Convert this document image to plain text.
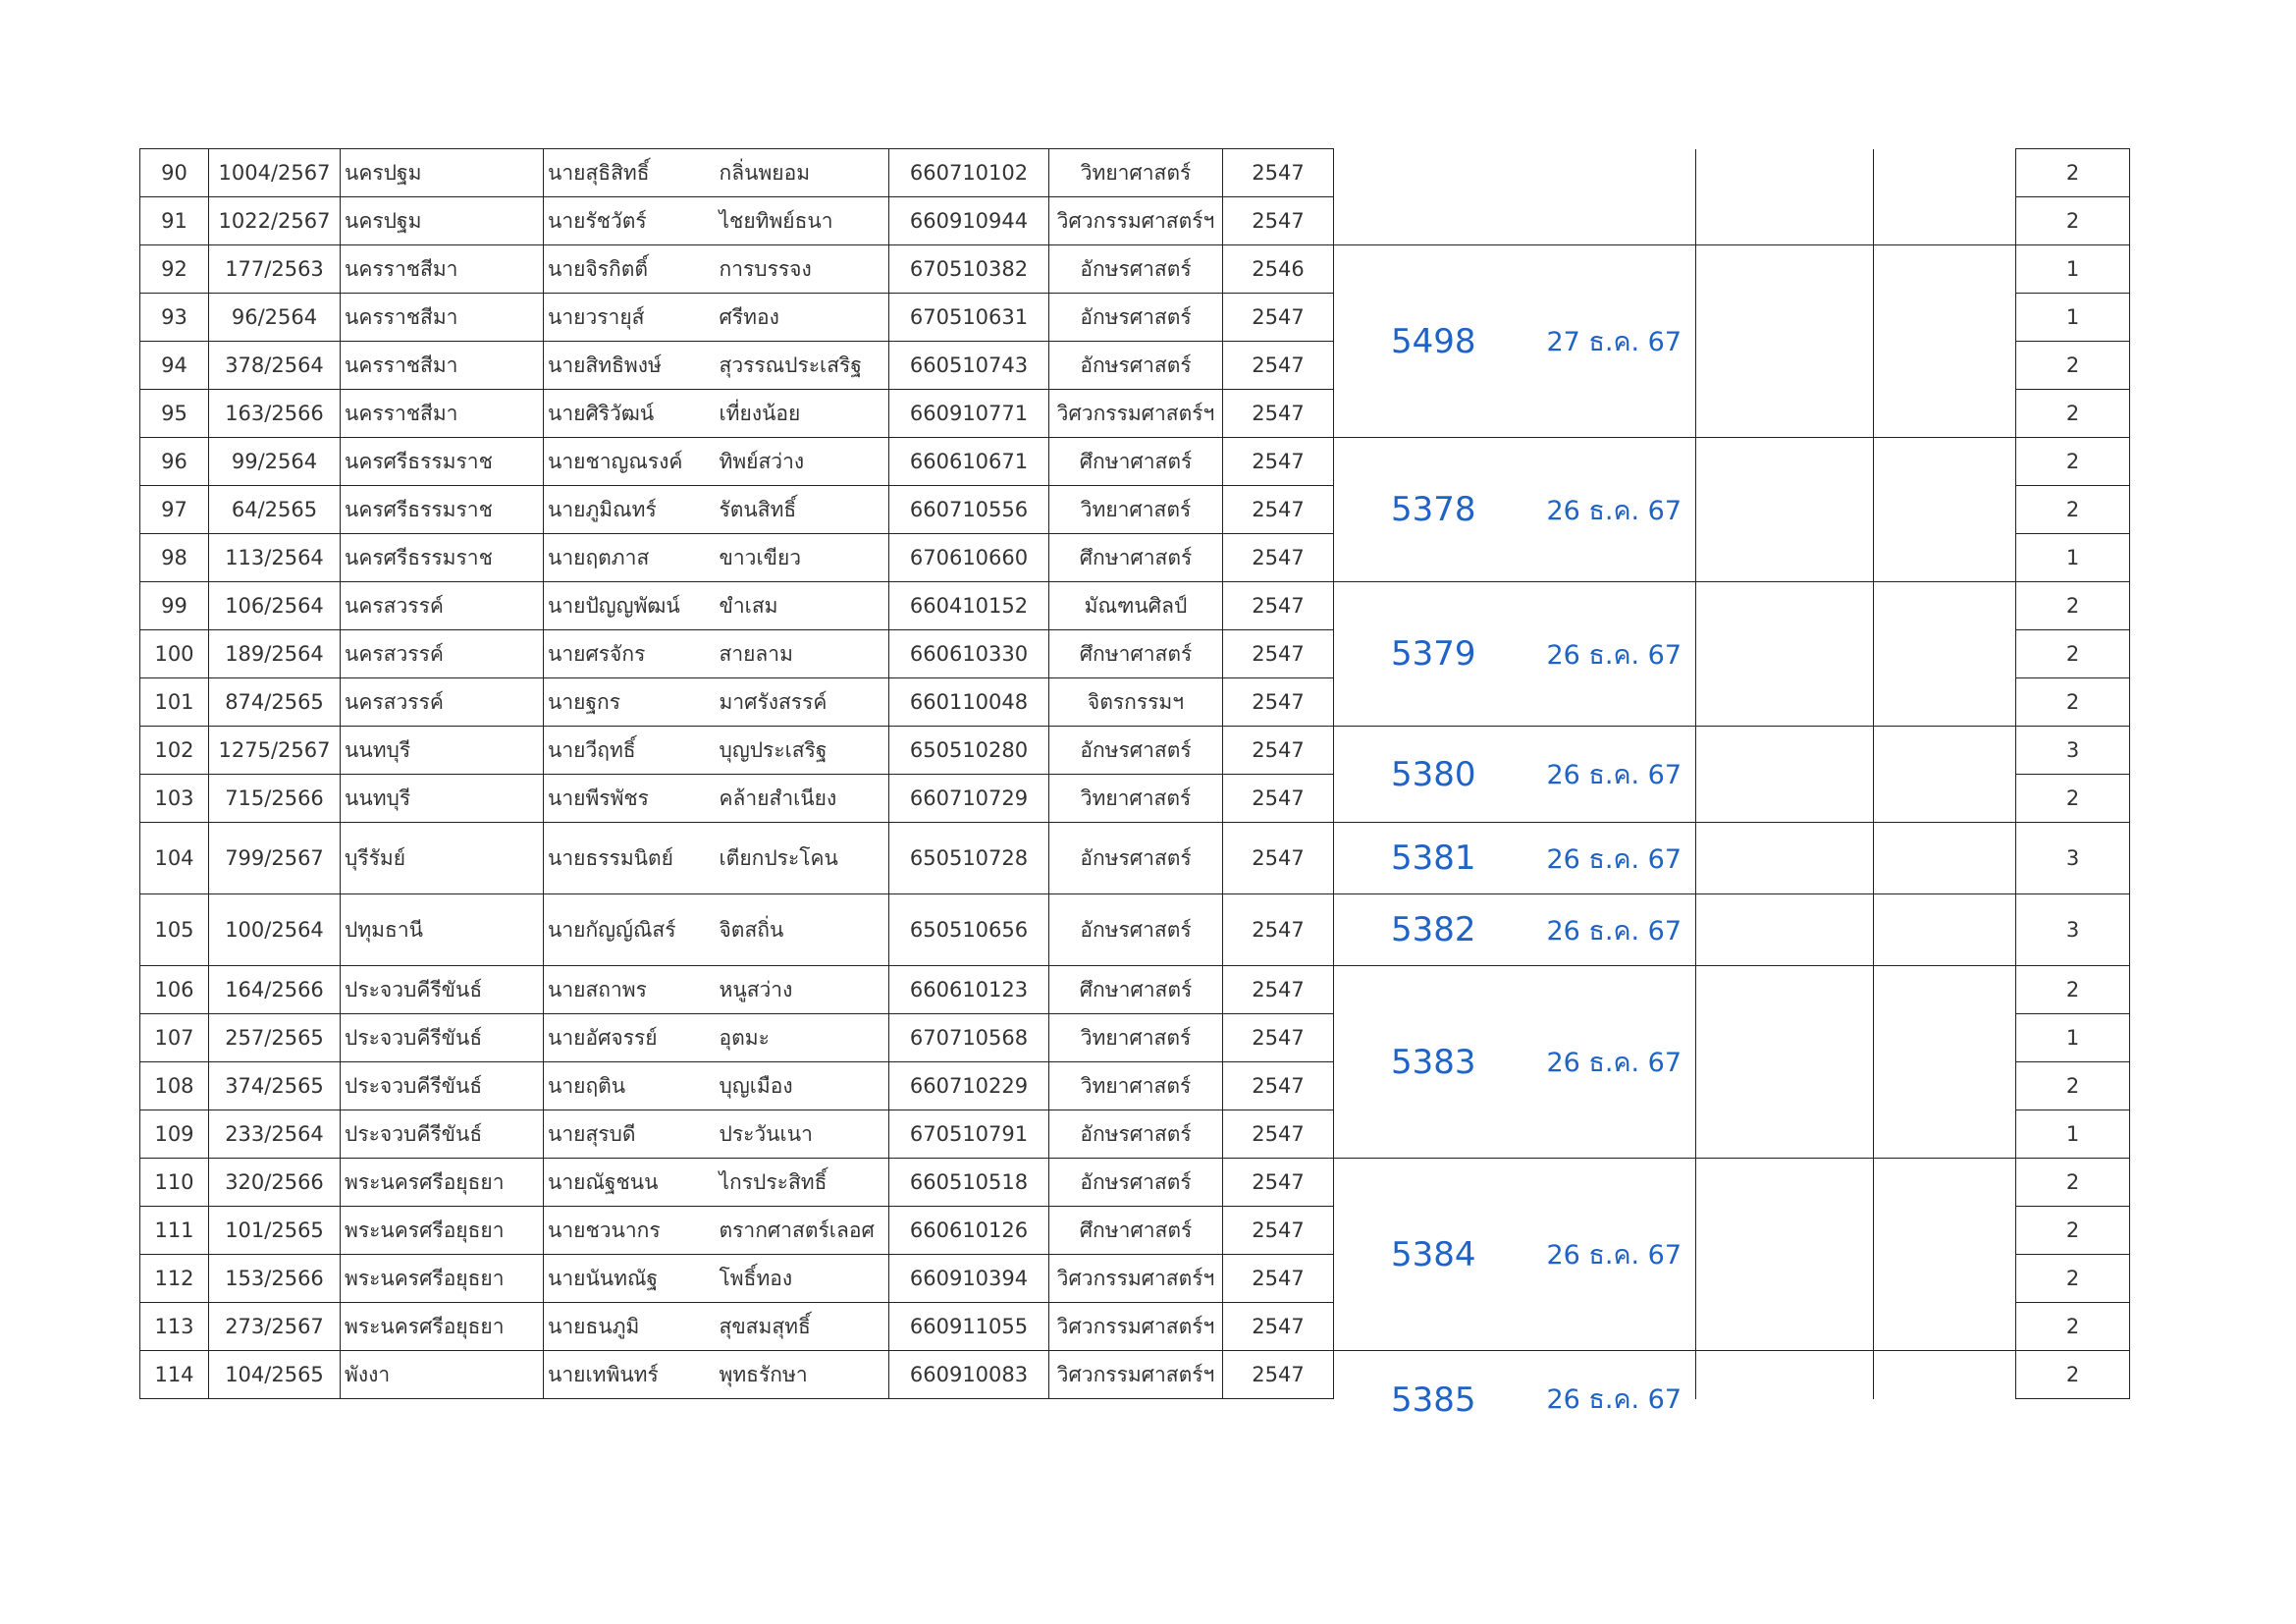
90	1004/2567	นครปฐม	นายสุธิสิทธิ์	กลิ่นพยอม	660710102	วิทยาศาสตร์	2547					2
91	1022/2567	นครปฐม	นายรัชวัตร์	ไชยทิพย์ธนา	660910944	วิศวกรรมศาสตร์ฯ	2547					2
92	177/2563	นครราชสีมา	นายจิรกิตติ์	การบรรจง	670510382	อักษรศาสตร์	2546	5498	27 ธ.ค. 67			1
93	96/2564	นครราชสีมา	นายวรายุส์	ศรีทอง	670510631	อักษรศาสตร์	2547					1
94	378/2564	นครราชสีมา	นายสิทธิพงษ์	สุวรรณประเสริฐ	660510743	อักษรศาสตร์	2547					2
95	163/2566	นครราชสีมา	นายศิริวัฒน์	เที่ยงน้อย	660910771	วิศวกรรมศาสตร์ฯ	2547					2
96	99/2564	นครศรีธรรมราช	นายชาญณรงค์	ทิพย์สว่าง	660610671	ศึกษาศาสตร์	2547	5378	26 ธ.ค. 67			2
97	64/2565	นครศรีธรรมราช	นายภูมิณทร์	รัตนสิทธิ์	660710556	วิทยาศาสตร์	2547					2
98	113/2564	นครศรีธรรมราช	นายฤตภาส	ขาวเขียว	670610660	ศึกษาศาสตร์	2547					1
99	106/2564	นครสวรรค์	นายปัญญพัฒน์	ขำเสม	660410152	มัณฑนศิลป์	2547	5379	26 ธ.ค. 67			2
100	189/2564	นครสวรรค์	นายศรจักร	สายลาม	660610330	ศึกษาศาสตร์	2547					2
101	874/2565	นครสวรรค์	นายฐกร	มาศรังสรรค์	660110048	จิตรกรรมฯ	2547					2
102	1275/2567	นนทบุรี	นายวีฤทธิ์	บุญประเสริฐ	650510280	อักษรศาสตร์	2547	5380	26 ธ.ค. 67			3
103	715/2566	นนทบุรี	นายพีรพัชร	คล้ายสำเนียง	660710729	วิทยาศาสตร์	2547					2
104	799/2567	บุรีรัมย์	นายธรรมนิตย์	เตียกประโคน	650510728	อักษรศาสตร์	2547	5381	26 ธ.ค. 67			3
105	100/2564	ปทุมธานี	นายกัญญ์ณิสร์	จิตสถิ่น	650510656	อักษรศาสตร์	2547	5382	26 ธ.ค. 67			3
106	164/2566	ประจวบคีรีขันธ์	นายสถาพร	หนูสว่าง	660610123	ศึกษาศาสตร์	2547	5383	26 ธ.ค. 67			2
107	257/2565	ประจวบคีรีขันธ์	นายอัศจรรย์	อุตมะ	670710568	วิทยาศาสตร์	2547					1
108	374/2565	ประจวบคีรีขันธ์	นายฤติน	บุญเมือง	660710229	วิทยาศาสตร์	2547					2
109	233/2564	ประจวบคีรีขันธ์	นายสุรบดี	ประวันเนา	670510791	อักษรศาสตร์	2547					1
110	320/2566	พระนครศรีอยุธยา	นายณัฐชนน	ไกรประสิทธิ์	660510518	อักษรศาสตร์	2547	5384	26 ธ.ค. 67			2
111	101/2565	พระนครศรีอยุธยา	นายชวนากร	ตรากศาสตร์เลอศ	660610126	ศึกษาศาสตร์	2547					2
112	153/2566	พระนครศรีอยุธยา	นายนันทณัฐ	โพธิ์ทอง	660910394	วิศวกรรมศาสตร์ฯ	2547					2
113	273/2567	พระนครศรีอยุธยา	นายธนภูมิ	สุขสมสุทธิ์	660911055	วิศวกรรมศาสตร์ฯ	2547					2
114	104/2565	พังงา	นายเทพินทร์	พุทธรักษา	660910083	วิศวกรรมศาสตร์ฯ	2547	5385	26 ธ.ค. 67			2
